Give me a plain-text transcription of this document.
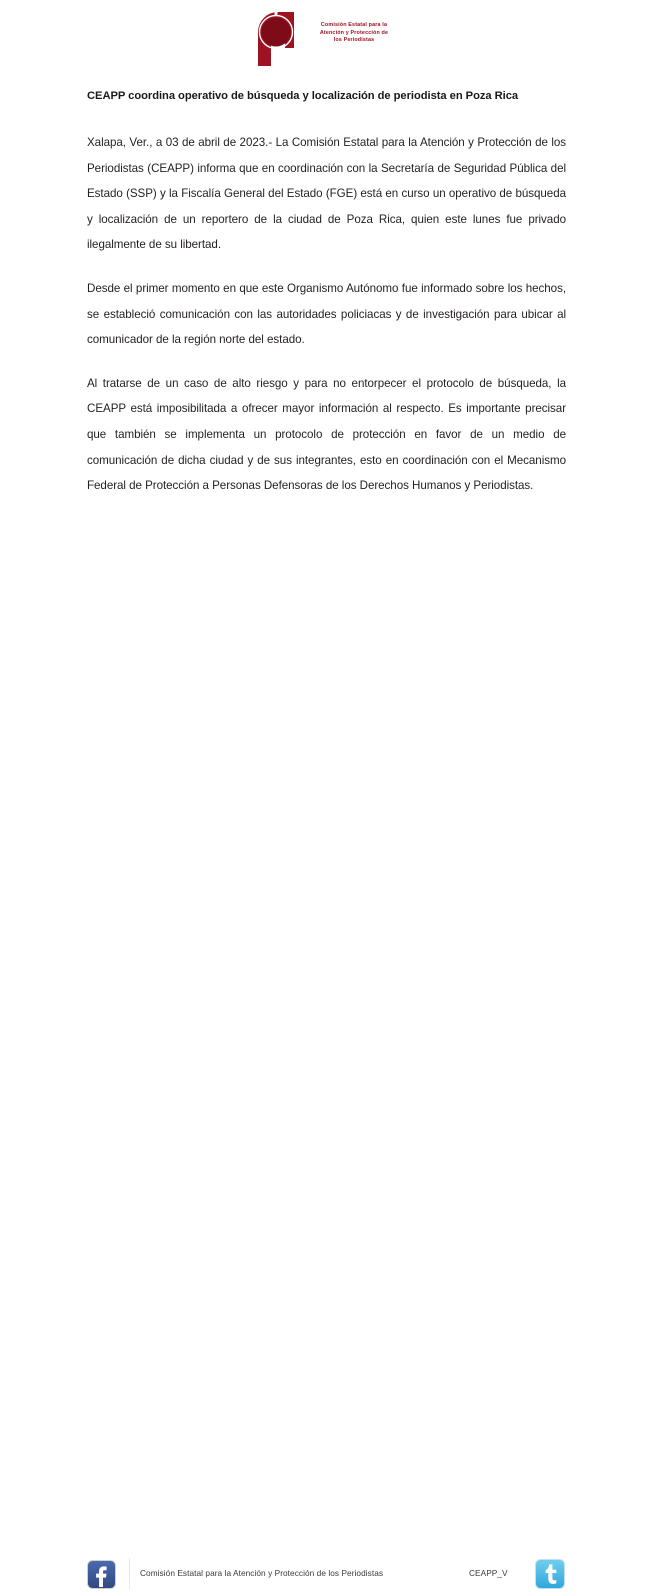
Comisión Estatal para la
Atención y Protección de
los Periodistas
CEAPP coordina operativo de búsqueda y localización de periodista en Poza Rica

Xalapa, Ver., a 03 de abril de 2023.- La Comisión Estatal para la Atención y Protección de los Periodistas (CEAPP) informa que en coordinación con la Secretaría de Seguridad Pública del Estado (SSP) y la Fiscalía General del Estado (FGE) está en curso un operativo de búsqueda y localización de un reportero de la ciudad de Poza Rica, quien este lunes fue privado ilegalmente de su libertad.

Desde el primer momento en que este Organismo Autónomo fue informado sobre los hechos, se estableció comunicación con las autoridades policiacas y de investigación para ubicar al comunicador de la región norte del estado.

Al tratarse de un caso de alto riesgo y para no entorpecer el protocolo de búsqueda, la CEAPP está imposibilitada a ofrecer mayor información al respecto. Es importante precisar que también se implementa un protocolo de protección en favor de un medio de comunicación de dicha ciudad y de sus integrantes, esto en coordinación con el Mecanismo Federal de Protección a Personas Defensoras de los Derechos Humanos y Periodistas.

Comisión Estatal para la Atención y Protección de los Periodistas	CEAPP_V
